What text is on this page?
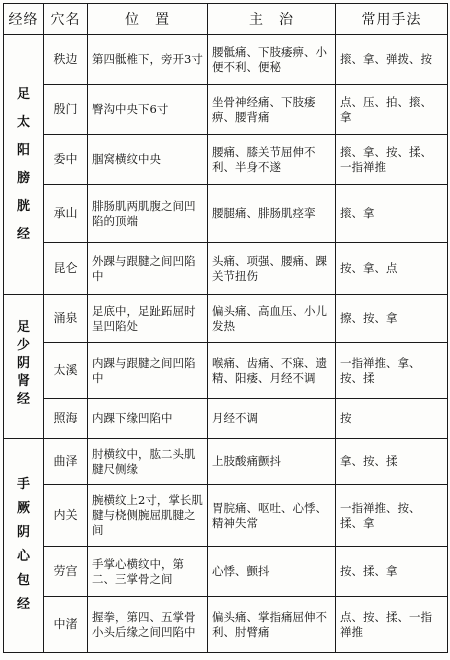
经络	穴名	位　置	主　治	常用手法
足太阳膀胱经	秩边	第四骶椎下，旁开3寸	腰骶痛、下肢痿痹、小便不利、便秘	㨰、拿、弹拨、按
	殷门	臀沟中央下6寸	坐骨神经痛、下肢痿痹、腰背痛	点、压、拍、㨰、拿
	委中	腘窝横纹中央	腰痛、膝关节屈伸不利、半身不遂	㨰、拿、按、揉、一指禅推
	承山	腓肠肌两肌腹之间凹陷的顶端	腰腿痛、腓肠肌痉挛	㨰、拿
	昆仑	外踝与跟腱之间凹陷中	头痛、项强、腰痛、踝关节扭伤	按、拿、点
足少阴肾经	涌泉	足底中，足趾跖屈时呈凹陷处	偏头痛、高血压、小儿发热	擦、按、拿
	太溪	内踝与跟腱之间凹陷中	喉痛、齿痛、不寐、遗精、阳痿、月经不调	一指禅推、拿、按、揉
	照海	内踝下缘凹陷中	月经不调	按
手厥阴心包经	曲泽	肘横纹中，肱二头肌腱尺侧缘	上肢酸痛颤抖	拿、按、揉
	内关	腕横纹上2寸，掌长肌腱与桡侧腕屈肌腱之间	胃脘痛、呕吐、心悸、精神失常	一指禅推、按、揉、拿
	劳宫	手掌心横纹中，第二、三掌骨之间	心悸、颤抖	按、揉、拿
	中渚	握拳，第四、五掌骨小头后缘之间凹陷中	偏头痛、掌指痛屈伸不利、肘臂痛	点、按、揉、一指禅推
